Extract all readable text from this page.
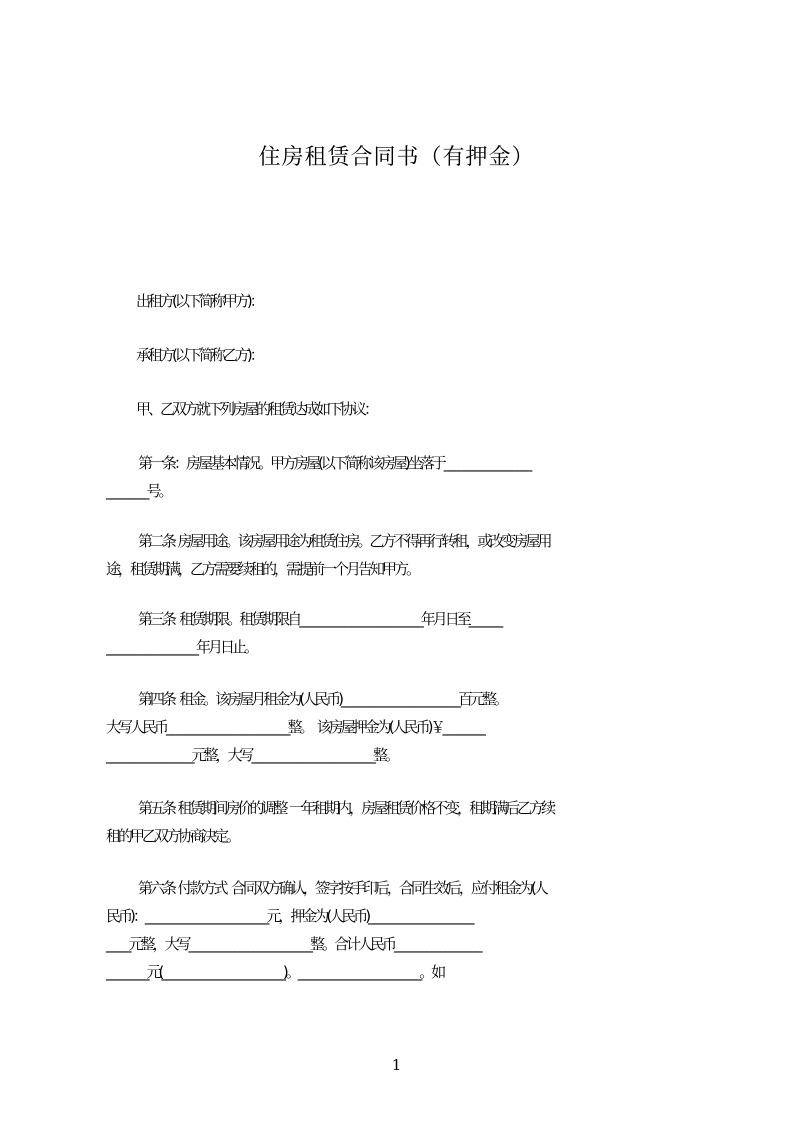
住房租赁合同书（有押金）
出租方(以下简称甲方)：
承租方(以下简称乙方)：
甲、乙双方就下列房屋的租赁达成如下协议：
第一条：房屋基本情况。甲方房屋(以下简称该房屋)坐落于___________________
_________号。
第二条  房屋用途。该房屋用途为租赁住房。乙方不得再行转租，或改变房屋用
途，租赁期满，乙方需要续租的，需提前一个月告知甲方。
第三条   租赁期限。租赁期限自___________________________年月日至_______
____________________年月日止。
第四条   租金。该房屋月租金为(人民币)__________________________百元整。
大写人民币___________________________整。   该房屋押金为(人民币)￥_________
___________________元整，大写___________________________整。
第五条  租赁期间房价的调整  一年租期内，房屋租赁价格不变，租期满后乙方续
租的甲乙双方协商决定。
第六条  付款方式   合同双方确认，签字按手印后，合同生效后，应付租金为(人
民币)：___________________________元，押金为(人民币)_______________________
_____元整，大写___________________________整。合计人民币___________________
_________元(___________________________)。___________________________。如
1
